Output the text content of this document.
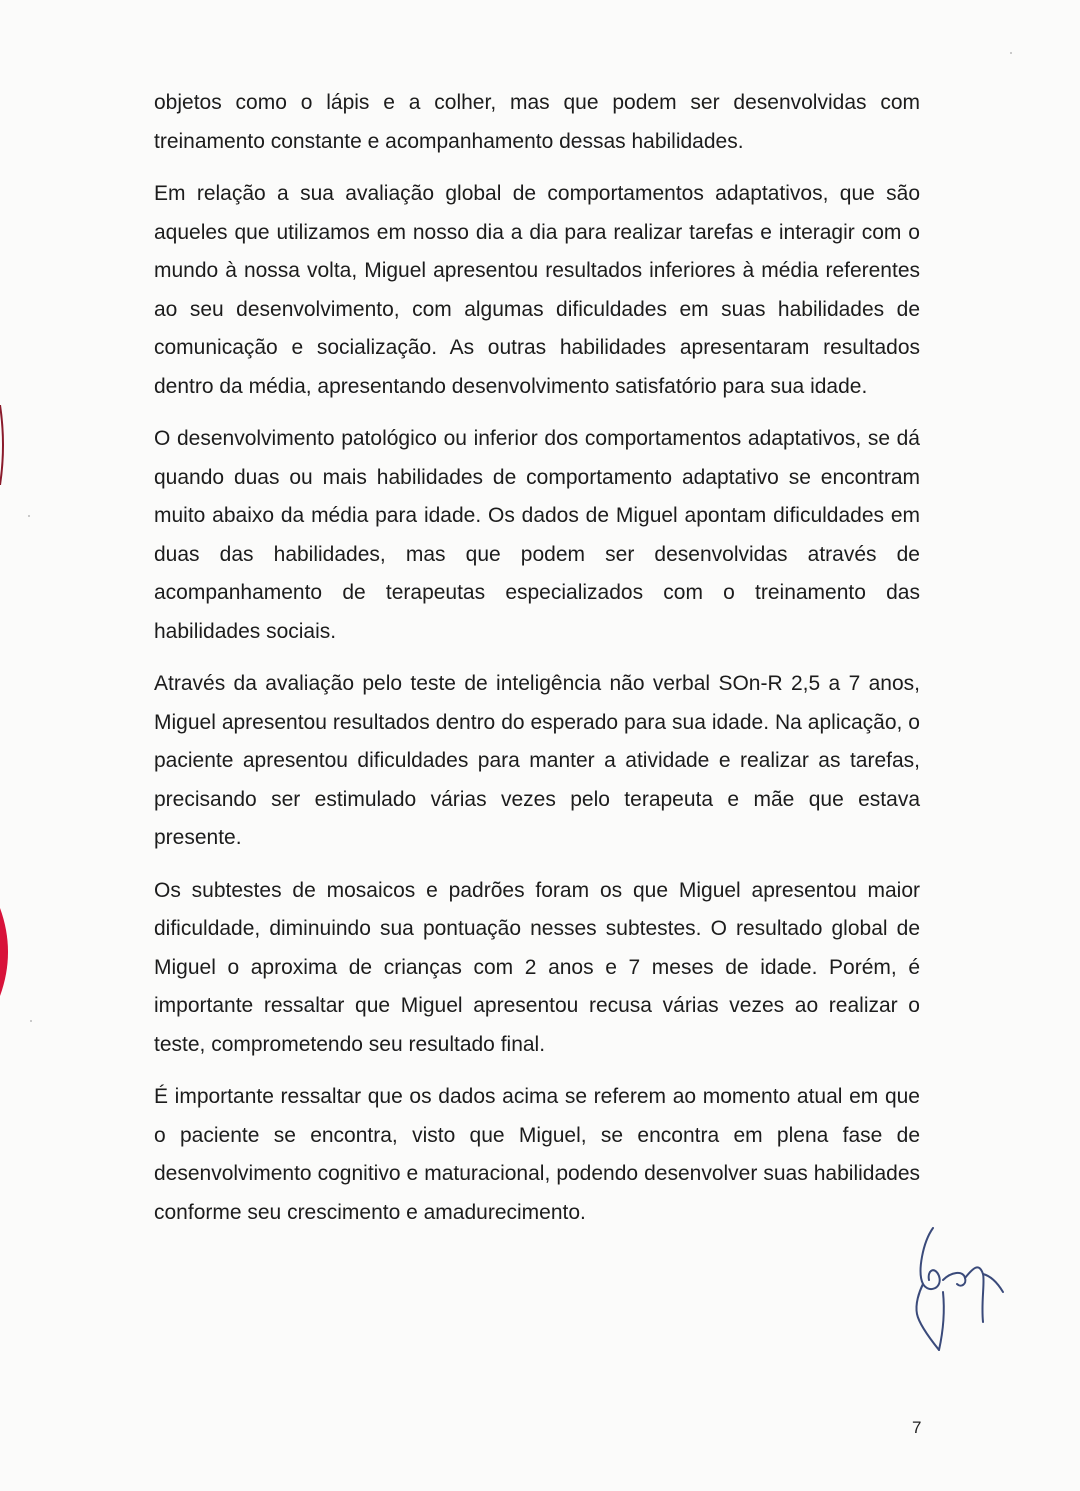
objetos como o lápis e a colher, mas que podem ser desenvolvidas com treinamento constante e acompanhamento dessas habilidades.

Em relação a sua avaliação global de comportamentos adaptativos, que são aqueles que utilizamos em nosso dia a dia para realizar tarefas e interagir com o mundo à nossa volta, Miguel apresentou resultados inferiores à média referentes ao seu desenvolvimento, com algumas dificuldades em suas habilidades de comunicação e socialização. As outras habilidades apresentaram resultados dentro da média, apresentando desenvolvimento satisfatório para sua idade.

O desenvolvimento patológico ou inferior dos comportamentos adaptativos, se dá quando duas ou mais habilidades de comportamento adaptativo se encontram muito abaixo da média para idade. Os dados de Miguel apontam dificuldades em duas das habilidades, mas que podem ser desenvolvidas através de acompanhamento de terapeutas especializados com o treinamento das habilidades sociais.

Através da avaliação pelo teste de inteligência não verbal SOn-R 2,5 a 7 anos, Miguel apresentou resultados dentro do esperado para sua idade. Na aplicação, o paciente apresentou dificuldades para manter a atividade e realizar as tarefas, precisando ser estimulado várias vezes pelo terapeuta e mãe que estava presente.

Os subtestes de mosaicos e padrões foram os que Miguel apresentou maior dificuldade, diminuindo sua pontuação nesses subtestes. O resultado global de Miguel o aproxima de crianças com 2 anos e 7 meses de idade. Porém, é importante ressaltar que Miguel apresentou recusa várias vezes ao realizar o teste, comprometendo seu resultado final.

É importante ressaltar que os dados acima se referem ao momento atual em que o paciente se encontra, visto que Miguel, se encontra em plena fase de desenvolvimento cognitivo e maturacional, podendo desenvolver suas habilidades conforme seu crescimento e amadurecimento.

7
